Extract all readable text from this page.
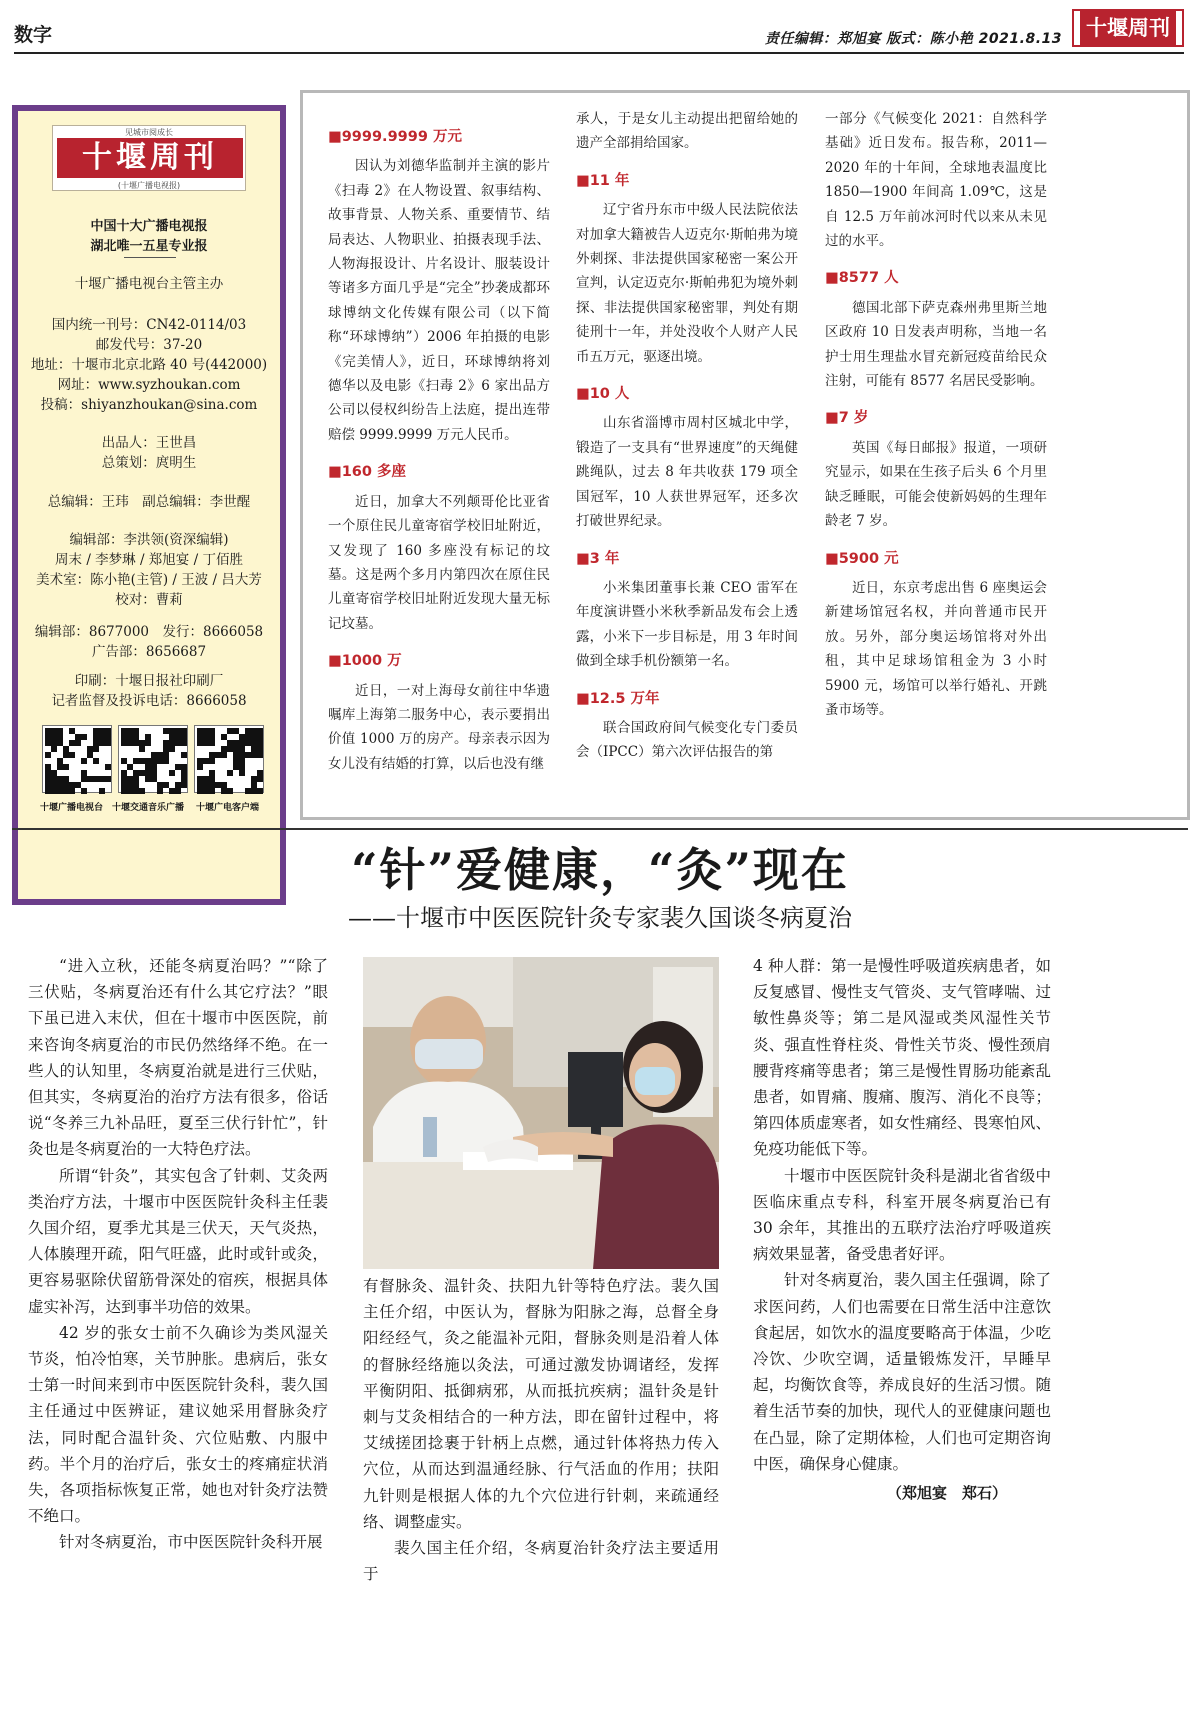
数字	责任编辑：郑旭宴 版式：陈小艳 2021.8.13 十堰周刊
见城市阅成长
十堰周刊
(十堰广播电视报)
中国十大广播电视报
湖北唯一五星专业报
十堰广播电视台主管主办
国内统一刊号：CN42-0114/03
邮发代号：37-20
地址：十堰市北京北路 40 号(442000)
网址：www.syzhoukan.com
投稿：shiyanzhoukan@sina.com
出品人：王世昌
总策划：庹明生
总编辑：王玮　副总编辑：李世醒
编辑部：李洪领(资深编辑)
周末 / 李梦琳 / 郑旭宴 / 丁佰胜
美术室：陈小艳(主管) / 王波 / 吕大芳
校对：曹莉
编辑部：8677000　发行：8666058
广告部：8656687
印刷：十堰日报社印刷厂
记者监督及投诉电话：8666058
十堰广播电视台 十堰交通音乐广播 十堰广电客户端
■9999.9999 万元

因认为刘德华监制并主演的影片《扫毒 2》在人物设置、叙事结构、故事背景、人物关系、重要情节、结局表达、人物职业、拍摄表现手法、人物海报设计、片名设计、服装设计等诸多方面几乎是“完全”抄袭成都环球博纳文化传媒有限公司（以下简称“环球博纳”）2006 年拍摄的电影《完美情人》，近日，环球博纳将刘德华以及电影《扫毒 2》6 家出品方公司以侵权纠纷告上法庭，提出连带赔偿 9999.9999 万元人民币。

■160 多座

近日，加拿大不列颠哥伦比亚省一个原住民儿童寄宿学校旧址附近，又发现了 160 多座没有标记的坟墓。这是两个多月内第四次在原住民儿童寄宿学校旧址附近发现大量无标记坟墓。

■1000 万

近日，一对上海母女前往中华遗嘱库上海第二服务中心，表示要捐出价值 1000 万的房产。母亲表示因为女儿没有结婚的打算，以后也没有继

承人，于是女儿主动提出把留给她的遗产全部捐给国家。

■11 年

辽宁省丹东市中级人民法院依法对加拿大籍被告人迈克尔·斯帕弗为境外刺探、非法提供国家秘密一案公开宣判，认定迈克尔·斯帕弗犯为境外刺探、非法提供国家秘密罪，判处有期徒刑十一年，并处没收个人财产人民币五万元，驱逐出境。

■10 人

山东省淄博市周村区城北中学，锻造了一支具有“世界速度”的天绳健跳绳队，过去 8 年共收获 179 项全国冠军，10 人获世界冠军，还多次打破世界纪录。

■3 年

小米集团董事长兼 CEO 雷军在年度演讲暨小米秋季新品发布会上透露，小米下一步目标是，用 3 年时间做到全球手机份额第一名。

■12.5 万年

联合国政府间气候变化专门委员会（IPCC）第六次评估报告的第

一部分《气候变化 2021：自然科学基础》近日发布。报告称，2011—2020 年的十年间，全球地表温度比 1850—1900 年间高 1.09℃，这是自 12.5 万年前冰河时代以来从未见过的水平。

■8577 人

德国北部下萨克森州弗里斯兰地区政府 10 日发表声明称，当地一名护士用生理盐水冒充新冠疫苗给民众注射，可能有 8577 名居民受影响。

■7 岁

英国《每日邮报》报道，一项研究显示，如果在生孩子后头 6 个月里缺乏睡眠，可能会使新妈妈的生理年龄老 7 岁。

■5900 元

近日，东京考虑出售 6 座奥运会新建场馆冠名权，并向普通市民开放。另外，部分奥运场馆将对外出租，其中足球场馆租金为 3 小时 5900 元，场馆可以举行婚礼、开跳蚤市场等。

“针”爱健康，“灸”现在
——十堰市中医医院针灸专家裴久国谈冬病夏治

“进入立秋，还能冬病夏治吗？”“除了三伏贴，冬病夏治还有什么其它疗法？”眼下虽已进入末伏，但在十堰市中医医院，前来咨询冬病夏治的市民仍然络绎不绝。在一些人的认知里，冬病夏治就是进行三伏贴，但其实，冬病夏治的治疗方法有很多，俗话说“冬养三九补品旺，夏至三伏行针忙”，针灸也是冬病夏治的一大特色疗法。

所谓“针灸”，其实包含了针刺、艾灸两类治疗方法，十堰市中医医院针灸科主任裴久国介绍，夏季尤其是三伏天，天气炎热，人体腠理开疏，阳气旺盛，此时或针或灸，更容易驱除伏留筋骨深处的宿疾，根据具体虚实补泻，达到事半功倍的效果。

42 岁的张女士前不久确诊为类风湿关节炎，怕冷怕寒，关节肿胀。患病后，张女士第一时间来到市中医医院针灸科，裴久国主任通过中医辨证，建议她采用督脉灸疗法，同时配合温针灸、穴位贴敷、内服中药。半个月的治疗后，张女士的疼痛症状消失，各项指标恢复正常，她也对针灸疗法赞不绝口。

针对冬病夏治，市中医医院针灸科开展

有督脉灸、温针灸、扶阳九针等特色疗法。裴久国主任介绍，中医认为，督脉为阳脉之海，总督全身阳经经气，灸之能温补元阳，督脉灸则是沿着人体的督脉经络施以灸法，可通过激发协调诸经，发挥平衡阴阳、抵御病邪，从而抵抗疾病；温针灸是针刺与艾灸相结合的一种方法，即在留针过程中，将艾绒搓团捻裹于针柄上点燃，通过针体将热力传入穴位，从而达到温通经脉、行气活血的作用；扶阳九针则是根据人体的九个穴位进行针刺，来疏通经络、调整虚实。

裴久国主任介绍，冬病夏治针灸疗法主要适用于

4 种人群：第一是慢性呼吸道疾病患者，如反复感冒、慢性支气管炎、支气管哮喘、过敏性鼻炎等；第二是风湿或类风湿性关节炎、强直性脊柱炎、骨性关节炎、慢性颈肩腰背疼痛等患者；第三是慢性胃肠功能紊乱患者，如胃痛、腹痛、腹泻、消化不良等；第四体质虚寒者，如女性痛经、畏寒怕风、免疫功能低下等。

十堰市中医医院针灸科是湖北省省级中医临床重点专科，科室开展冬病夏治已有 30 余年，其推出的五联疗法治疗呼吸道疾病效果显著，备受患者好评。

针对冬病夏治，裴久国主任强调，除了求医问药，人们也需要在日常生活中注意饮食起居，如饮水的温度要略高于体温，少吃冷饮、少吹空调，适量锻炼发汗，早睡早起，均衡饮食等，养成良好的生活习惯。随着生活节奏的加快，现代人的亚健康问题也在凸显，除了定期体检，人们也可定期咨询中医，确保身心健康。

（郑旭宴　郑石）
